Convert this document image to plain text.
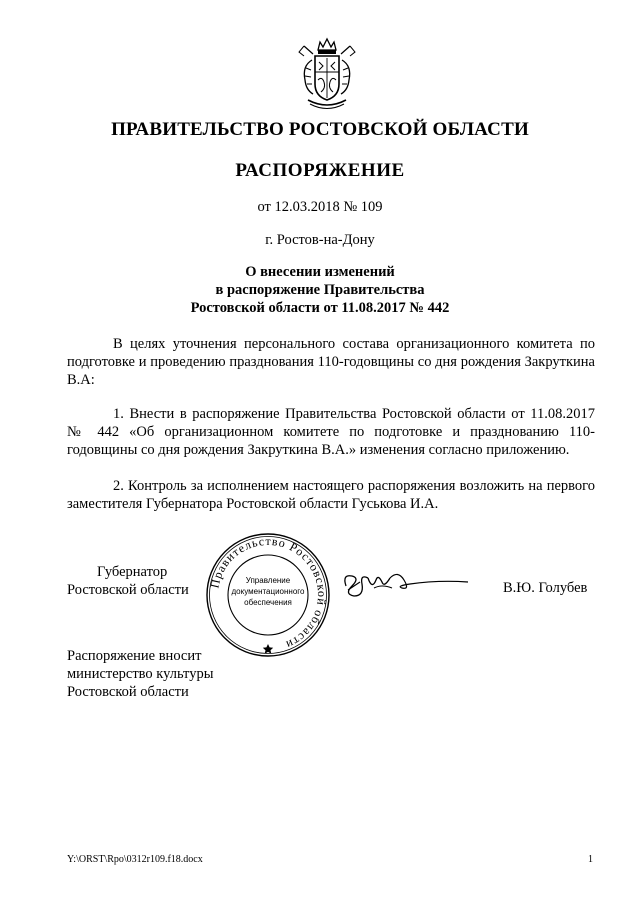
ПРАВИТЕЛЬСТВО РОСТОВСКОЙ ОБЛАСТИ
РАСПОРЯЖЕНИЕ
от 12.03.2018 № 109
г. Ростов-на-Дону
О внесении изменений
в распоряжение Правительства
Ростовской области от 11.08.2017 № 442
В целях уточнения персонального состава организационного комитета по подготовке и проведению празднования 110-годовщины со дня рождения Закруткина В.А:
1. Внести в распоряжение Правительства Ростовской области от 11.08.2017 № 442 «Об организационном комитете по подготовке и празднованию 110-годовщины со дня рождения Закруткина В.А.» изменения согласно приложению.
2. Контроль за исполнением настоящего распоряжения возложить на первого заместителя Губернатора Ростовской области Гуськова И.А.
Губернатор
Ростовской области Правительство Ростовской области
Управление
документационного
обеспечения
В.Ю. Голубев
Распоряжение вносит
министерство культуры
Ростовской области
Y:\ORST\Rpo\0312r109.f18.docx	1
